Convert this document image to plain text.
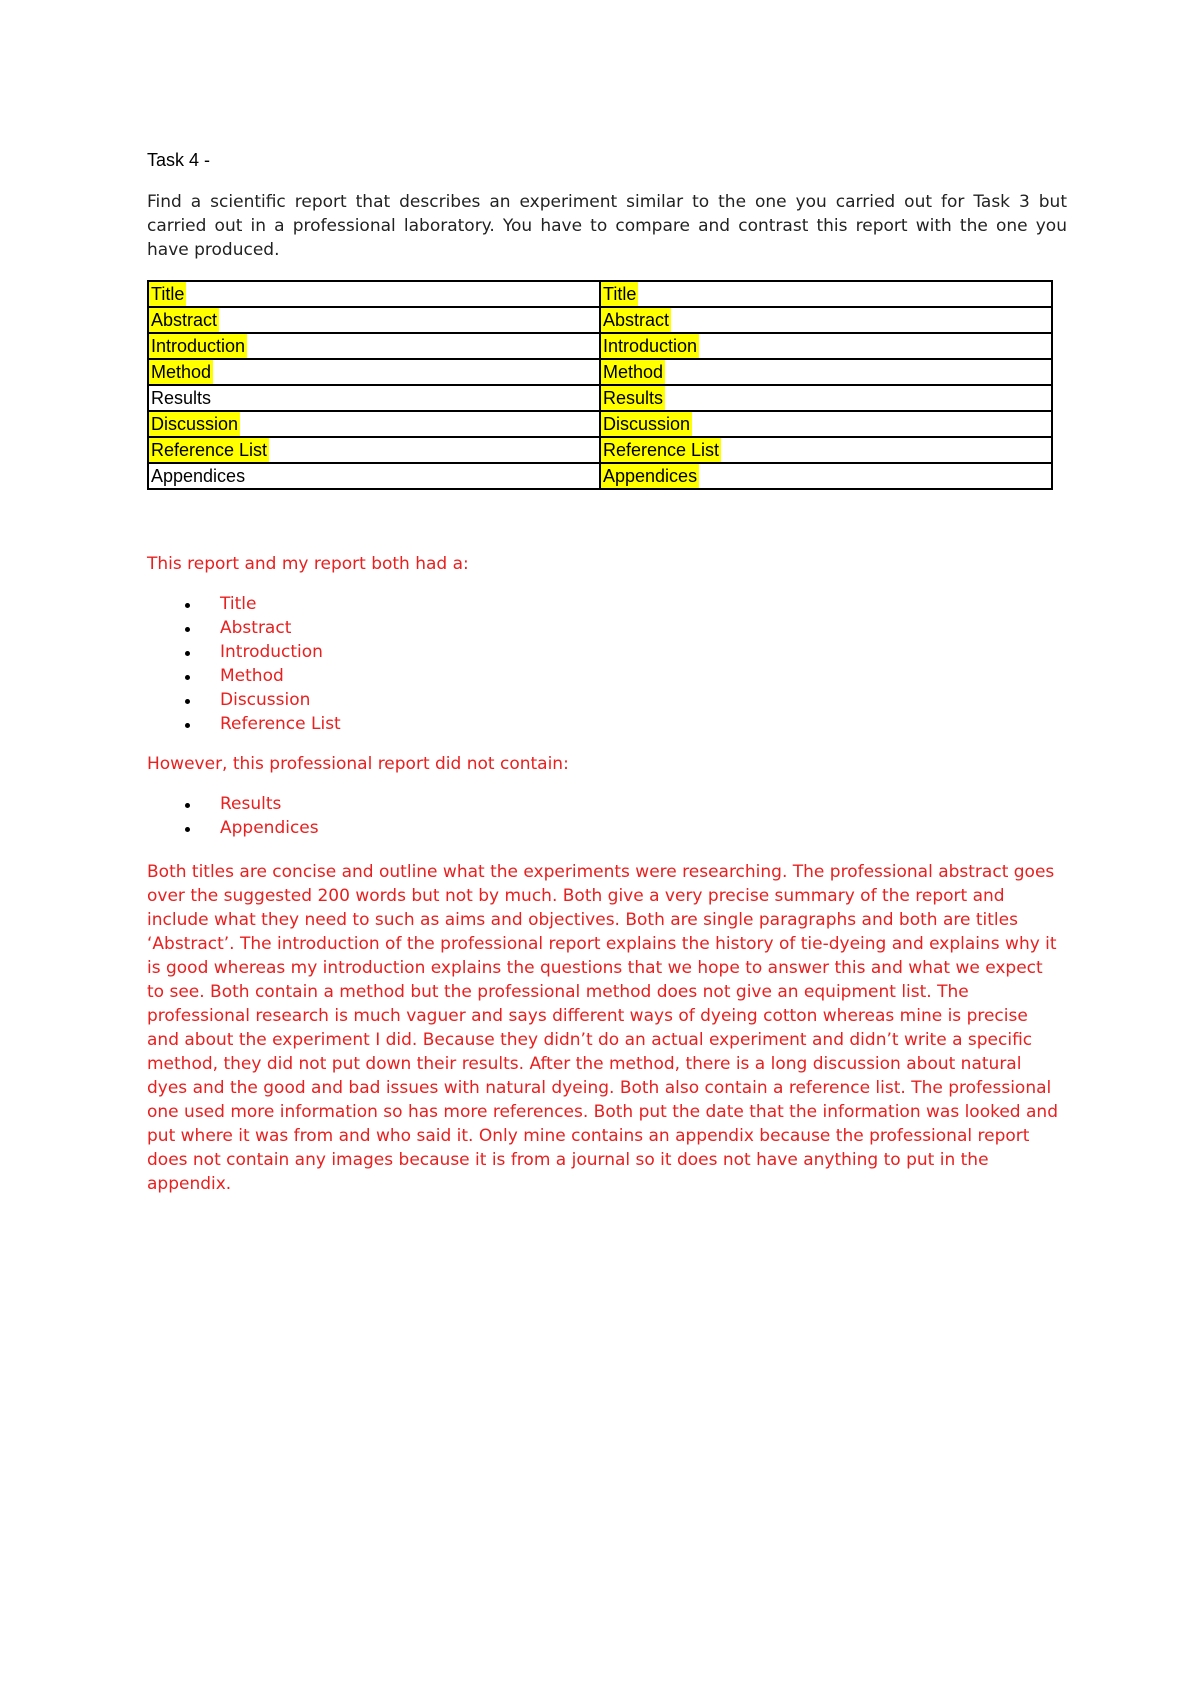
Task 4 -

Find a scientific report that describes an experiment similar to the one you carried out for Task 3 but carried out in a professional laboratory. You have to compare and contrast this report with the one you have produced.

Title	Title
Abstract	Abstract
Introduction	Introduction
Method	Method
Results	Results
Discussion	Discussion
Reference List	Reference List
Appendices	Appendices

This report and my report both had a:

Title
Abstract
Introduction
Method
Discussion
Reference List

However, this professional report did not contain:

Results
Appendices

Both titles are concise and outline what the experiments were researching. The professional abstract goes over the suggested 200 words but not by much. Both give a very precise summary of the report and include what they need to such as aims and objectives. Both are single paragraphs and both are titles ‘Abstract’. The introduction of the professional report explains the history of tie-dyeing and explains why it is good whereas my introduction explains the questions that we hope to answer this and what we expect to see. Both contain a method but the professional method does not give an equipment list. The professional research is much vaguer and says different ways of dyeing cotton whereas mine is precise and about the experiment I did. Because they didn’t do an actual experiment and didn’t write a specific method, they did not put down their results. After the method, there is a long discussion about natural dyes and the good and bad issues with natural dyeing. Both also contain a reference list. The professional one used more information so has more references. Both put the date that the information was looked and put where it was from and who said it. Only mine contains an appendix because the professional report does not contain any images because it is from a journal so it does not have anything to put in the appendix.
